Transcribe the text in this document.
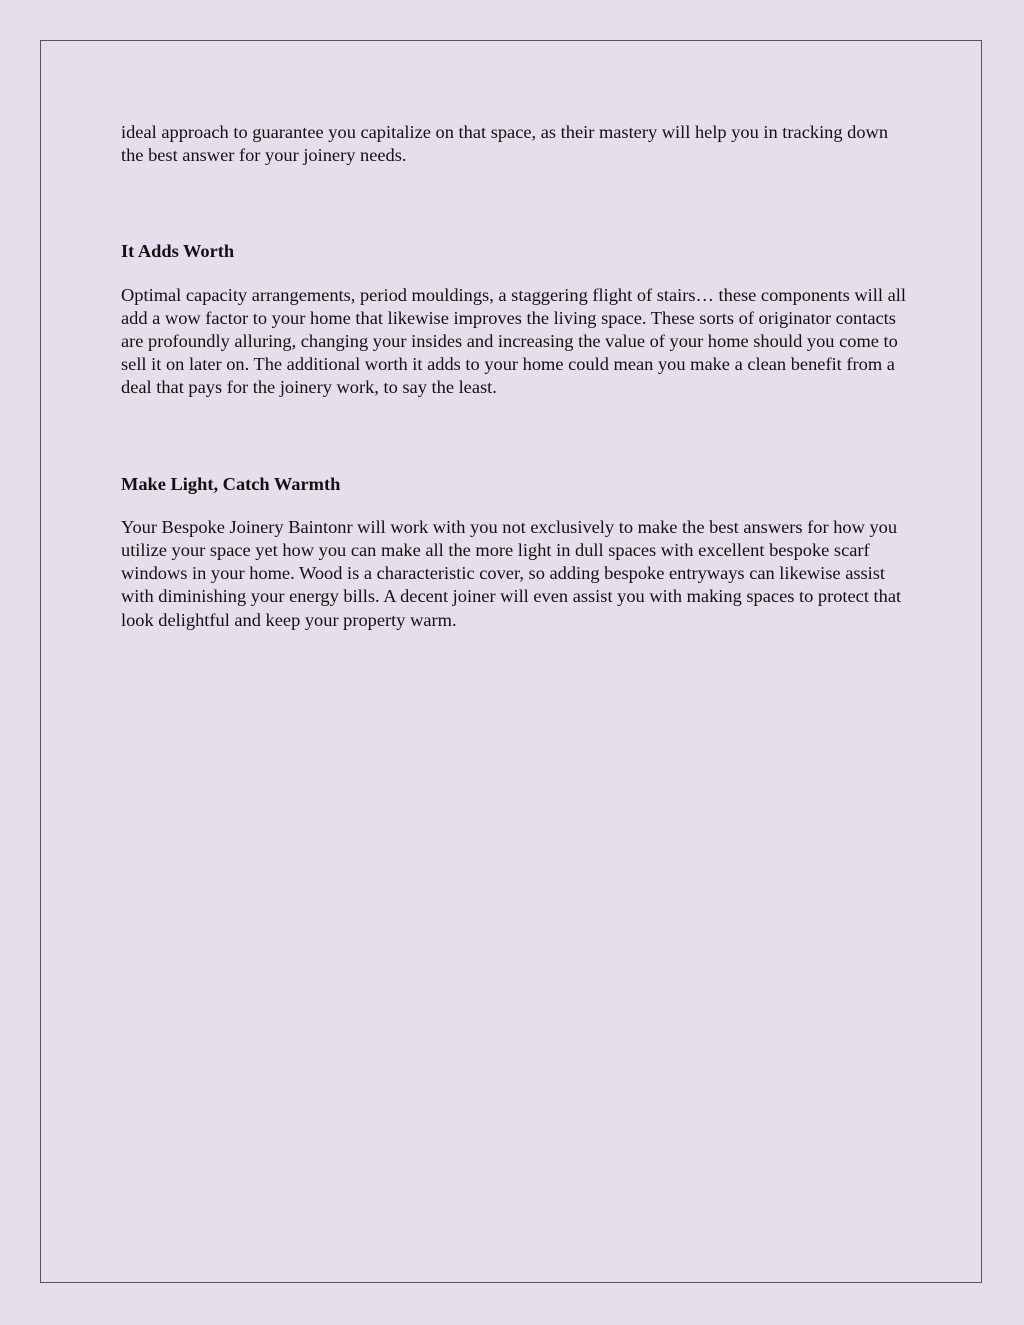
ideal approach to guarantee you capitalize on that space, as their mastery will help you in tracking down the best answer for your joinery needs.

It Adds Worth

Optimal capacity arrangements, period mouldings, a staggering flight of stairs… these components will all add a wow factor to your home that likewise improves the living space. These sorts of originator contacts are profoundly alluring, changing your insides and increasing the value of your home should you come to sell it on later on. The additional worth it adds to your home could mean you make a clean benefit from a deal that pays for the joinery work, to say the least.

Make Light, Catch Warmth

Your Bespoke Joinery Baintonr will work with you not exclusively to make the best answers for how you utilize your space yet how you can make all the more light in dull spaces with excellent bespoke scarf windows in your home. Wood is a characteristic cover, so adding bespoke entryways can likewise assist with diminishing your energy bills. A decent joiner will even assist you with making spaces to protect that look delightful and keep your property warm.
